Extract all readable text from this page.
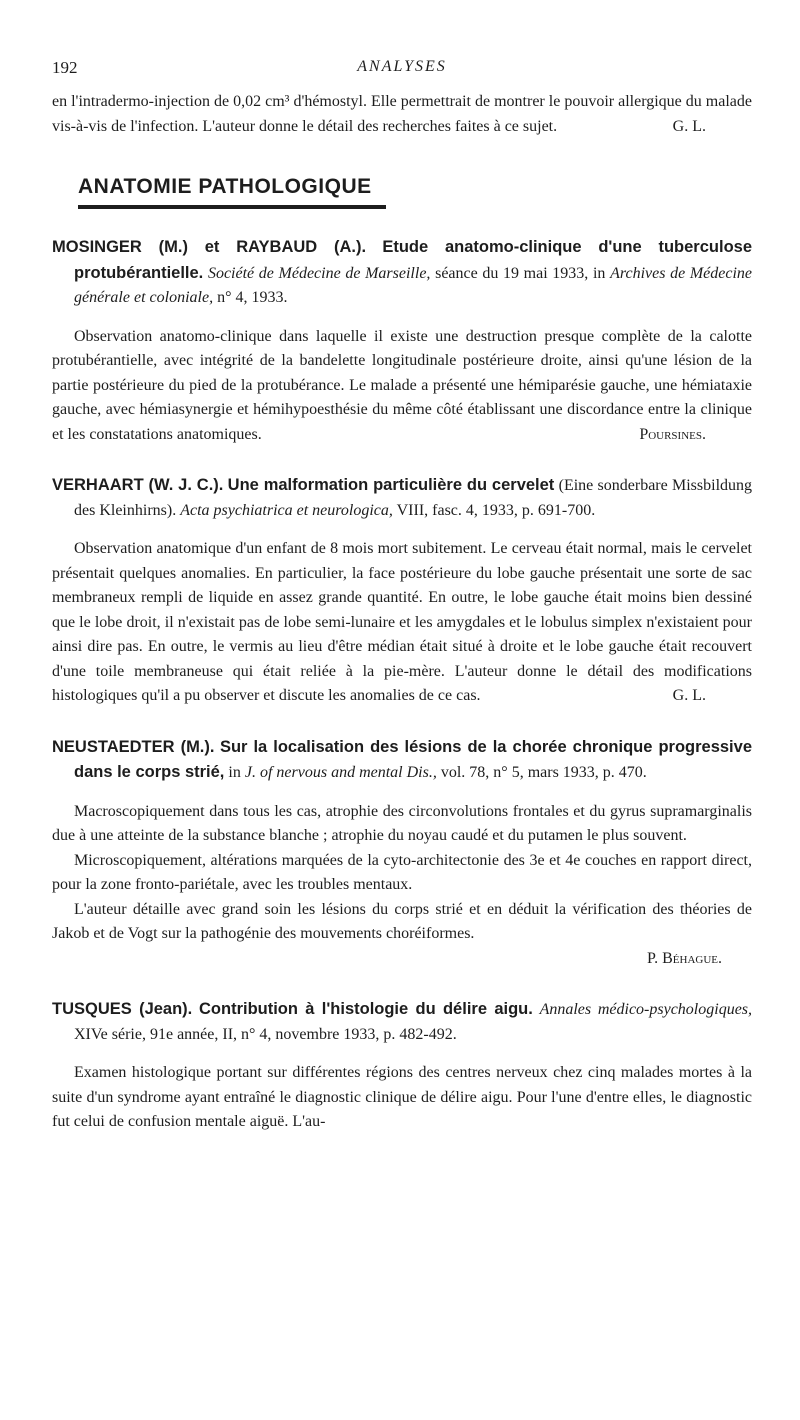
192	ANALYSES

en l'intradermo-injection de 0,02 cm³ d'hémostyl. Elle permettrait de montrer le pouvoir allergique du malade vis-à-vis de l'infection. L'auteur donne le détail des recherches faites à ce sujet.	G. L.

ANATOMIE PATHOLOGIQUE
MOSINGER (M.) et RAYBAUD (A.). Etude anatomo-clinique d'une tuberculose protubérantielle. Société de Médecine de Marseille, séance du 19 mai 1933, in Archives de Médecine générale et coloniale, n° 4, 1933.

Observation anatomo-clinique dans laquelle il existe une destruction presque complète de la calotte protubérantielle, avec intégrité de la bandelette longitudinale postérieure droite, ainsi qu'une lésion de la partie postérieure du pied de la protubérance. Le malade a présenté une hémiparésie gauche, une hémiataxie gauche, avec hémiasynergie et hémihypoesthésie du même côté établissant une discordance entre la clinique et les constatations anatomiques.	Poursines.

VERHAART (W. J. C.). Une malformation particulière du cervelet (Eine sonderbare Missbildung des Kleinhirns). Acta psychiatrica et neurologica, VIII, fasc. 4, 1933, p. 691-700.

Observation anatomique d'un enfant de 8 mois mort subitement. Le cerveau était normal, mais le cervelet présentait quelques anomalies. En particulier, la face postérieure du lobe gauche présentait une sorte de sac membraneux rempli de liquide en assez grande quantité. En outre, le lobe gauche était moins bien dessiné que le lobe droit, il n'existait pas de lobe semi-lunaire et les amygdales et le lobulus simplex n'existaient pour ainsi dire pas. En outre, le vermis au lieu d'être médian était situé à droite et le lobe gauche était recouvert d'une toile membraneuse qui était reliée à la pie-mère. L'auteur donne le détail des modifications histologiques qu'il a pu observer et discute les anomalies de ce cas.	G. L.

NEUSTAEDTER (M.). Sur la localisation des lésions de la chorée chronique progressive dans le corps strié, in J. of nervous and mental Dis., vol. 78, n° 5, mars 1933, p. 470.

Macroscopiquement dans tous les cas, atrophie des circonvolutions frontales et du gyrus supramarginalis due à une atteinte de la substance blanche ; atrophie du noyau caudé et du putamen le plus souvent.

Microscopiquement, altérations marquées de la cyto-architectonie des 3e et 4e couches en rapport direct, pour la zone fronto-pariétale, avec les troubles mentaux.

L'auteur détaille avec grand soin les lésions du corps strié et en déduit la vérification des théories de Jakob et de Vogt sur la pathogénie des mouvements choréiformes.

P. Béhague.

TUSQUES (Jean). Contribution à l'histologie du délire aigu. Annales médico-psychologiques, XIVe série, 91e année, II, n° 4, novembre 1933, p. 482-492.

Examen histologique portant sur différentes régions des centres nerveux chez cinq malades mortes à la suite d'un syndrome ayant entraîné le diagnostic clinique de délire aigu. Pour l'une d'entre elles, le diagnostic fut celui de confusion mentale aiguë. L'au-
